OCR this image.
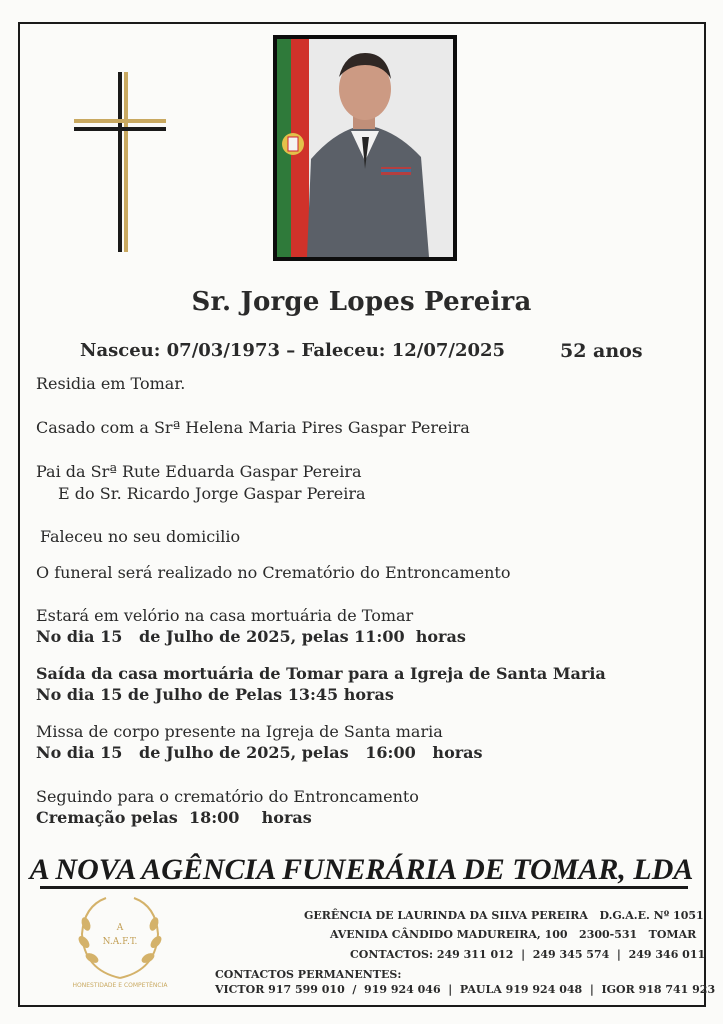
Sr. Jorge Lopes Pereira
Nasceu: 07/03/1973 – Faleceu: 12/07/2025	52 anos
Residia em Tomar.
Casado com a Srª Helena Maria Pires Gaspar Pereira
Pai da Srª Rute Eduarda Gaspar Pereira
E do Sr. Ricardo Jorge Gaspar Pereira
Faleceu no seu domicilio
O funeral será realizado no Crematório do Entroncamento
Estará em velório na casa mortuária de Tomar
No dia 15   de Julho de 2025, pelas 11:00  horas
Saída da casa mortuária de Tomar para a Igreja de Santa Maria
No dia 15 de Julho de Pelas 13:45 horas
Missa de corpo presente na Igreja de Santa maria
No dia 15   de Julho de 2025, pelas   16:00   horas
Seguindo para o crematório do Entroncamento
Cremação pelas  18:00    horas
A NOVA AGÊNCIA FUNERÁRIA DE TOMAR, LDA
A
N.A.F.T.
HONESTIDADE E COMPETÊNCIA
GERÊNCIA DE LAURINDA DA SILVA PEREIRA   D.G.A.E. Nº 1051
AVENIDA CÂNDIDO MADUREIRA, 100   2300-531   TOMAR
CONTACTOS: 249 311 012  |  249 345 574  |  249 346 011
CONTACTOS PERMANENTES:
VICTOR 917 599 010  /  919 924 046  |  PAULA 919 924 048  |  IGOR 918 741 923
